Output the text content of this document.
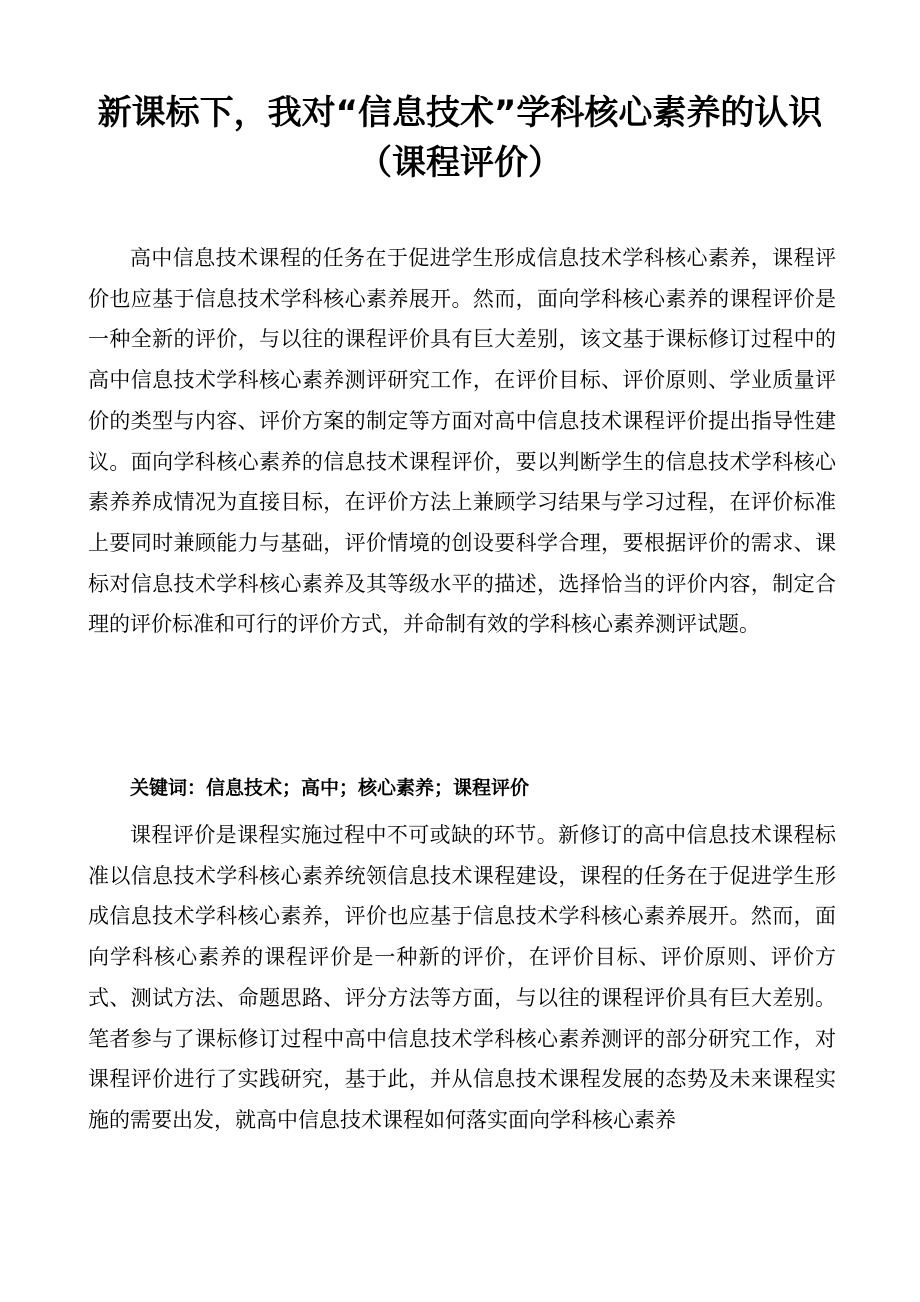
新课标下，我对“信息技术”学科核心素养的认识
（课程评价）

高中信息技术课程的任务在于促进学生形成信息技术学科核心素养，课程评价也应基于信息技术学科核心素养展开。然而，面向学科核心素养的课程评价是一种全新的评价，与以往的课程评价具有巨大差别，该文基于课标修订过程中的高中信息技术学科核心素养测评研究工作，在评价目标、评价原则、学业质量评价的类型与内容、评价方案的制定等方面对高中信息技术课程评价提出指导性建议。面向学科核心素养的信息技术课程评价，要以判断学生的信息技术学科核心素养养成情况为直接目标，在评价方法上兼顾学习结果与学习过程，在评价标准上要同时兼顾能力与基础，评价情境的创设要科学合理，要根据评价的需求、课标对信息技术学科核心素养及其等级水平的描述，选择恰当的评价内容，制定合理的评价标准和可行的评价方式，并命制有效的学科核心素养测评试题。

关键词：信息技术；高中；核心素养；课程评价

课程评价是课程实施过程中不可或缺的环节。新修订的高中信息技术课程标准以信息技术学科核心素养统领信息技术课程建设，课程的任务在于促进学生形成信息技术学科核心素养，评价也应基于信息技术学科核心素养展开。然而，面向学科核心素养的课程评价是一种新的评价，在评价目标、评价原则、评价方式、测试方法、命题思路、评分方法等方面，与以往的课程评价具有巨大差别。笔者参与了课标修订过程中高中信息技术学科核心素养测评的部分研究工作，对课程评价进行了实践研究，基于此，并从信息技术课程发展的态势及未来课程实施的需要出发，就高中信息技术课程如何落实面向学科核心素养
